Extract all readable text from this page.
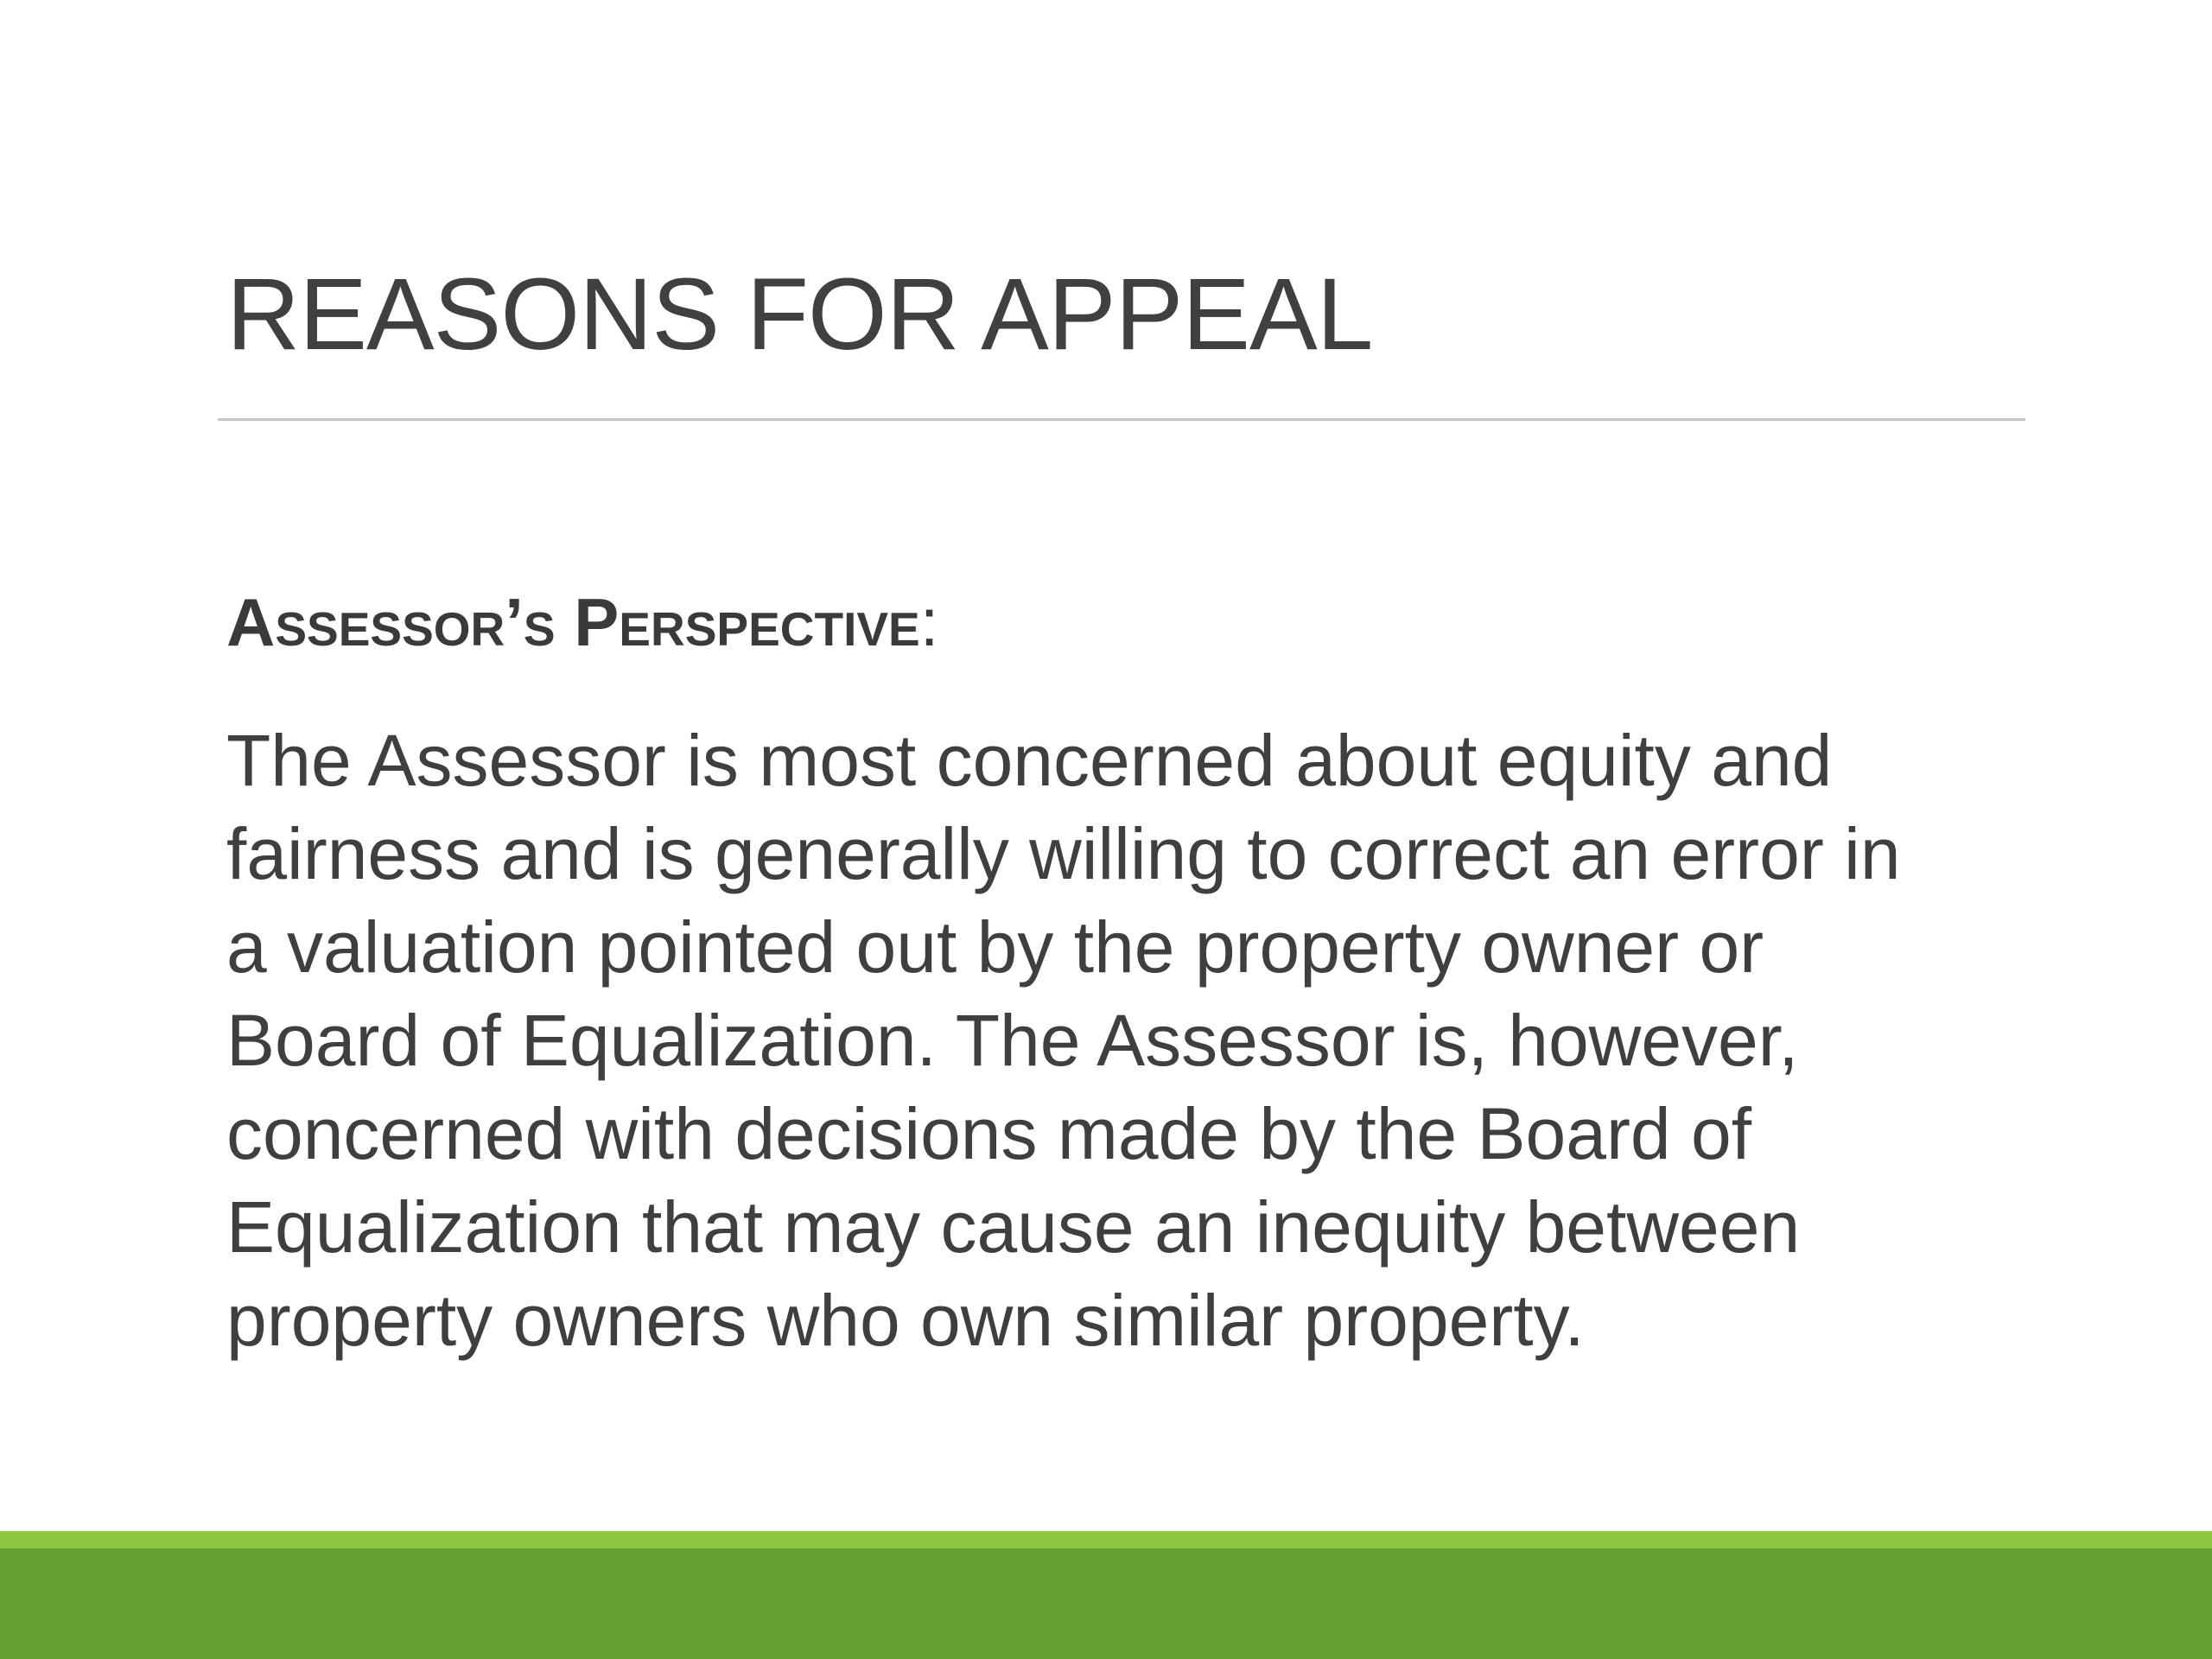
REASONS FOR APPEAL
Assessor’s Perspective:

The Assessor is most concerned about equity and
fairness and is generally willing to correct an error in
a valuation pointed out by the property owner or
Board of Equalization. The Assessor is, however,
concerned with decisions made by the Board of
Equalization that may cause an inequity between
property owners who own similar property.
